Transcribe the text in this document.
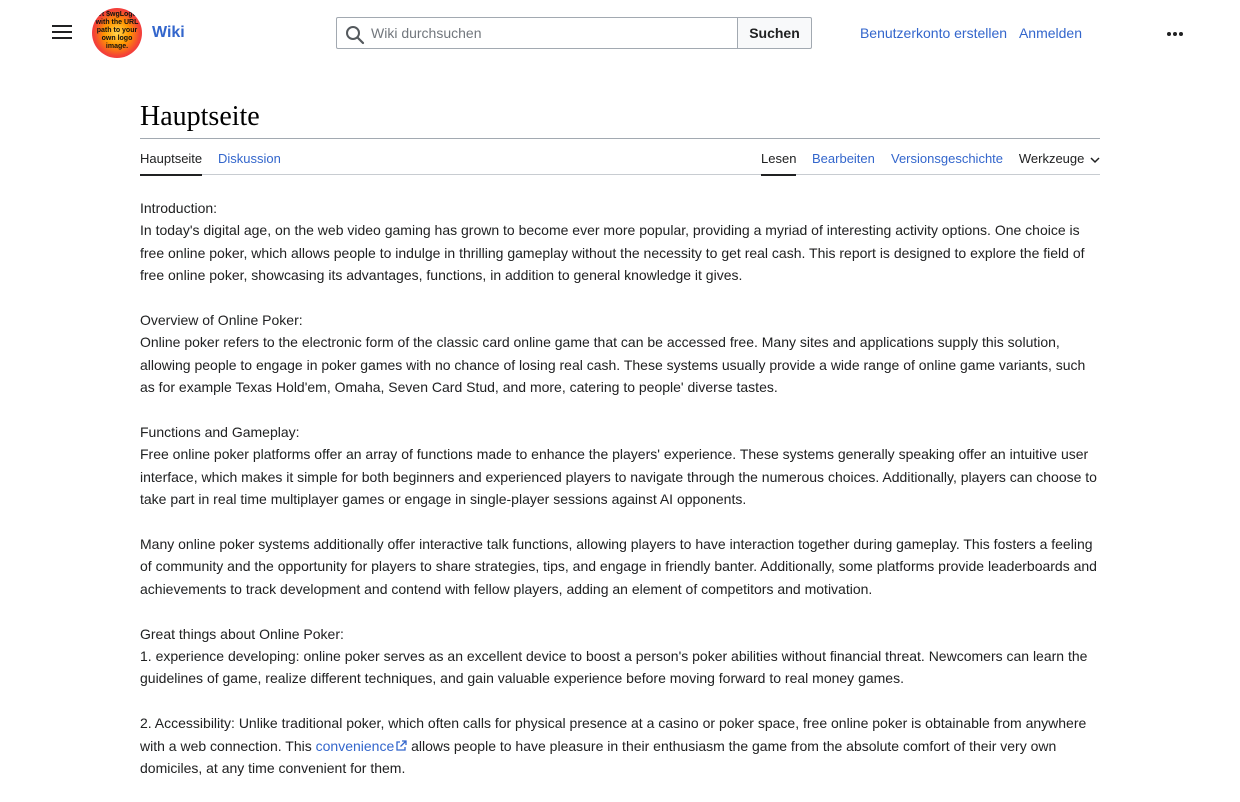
Set $wgLogos with the URL path to your own logo image.
Wiki
Wiki durchsuchen	Suchen	Benutzerkonto erstellen Anmelden
Hauptseite
Hauptseite Diskussion	Lesen Bearbeiten Versionsgeschichte Werkzeuge

Introduction:
In today's digital age, on the web video gaming has grown to become ever more popular, providing a myriad of interesting activity options. One choice is free online poker, which allows people to indulge in thrilling gameplay without the necessity to get real cash. This report is designed to explore the field of free online poker, showcasing its advantages, functions, in addition to general knowledge it gives.

Overview of Online Poker:
Online poker refers to the electronic form of the classic card online game that can be accessed free. Many sites and applications supply this solution, allowing people to engage in poker games with no chance of losing real cash. These systems usually provide a wide range of online game variants, such as for example Texas Hold'em, Omaha, Seven Card Stud, and more, catering to people' diverse tastes.

Functions and Gameplay:
Free online poker platforms offer an array of functions made to enhance the players' experience. These systems generally speaking offer an intuitive user interface, which makes it simple for both beginners and experienced players to navigate through the numerous choices. Additionally, players can choose to take part in real time multiplayer games or engage in single-player sessions against AI opponents.

Many online poker systems additionally offer interactive talk functions, allowing players to have interaction together during gameplay. This fosters a feeling of community and the opportunity for players to share strategies, tips, and engage in friendly banter. Additionally, some platforms provide leaderboards and achievements to track development and contend with fellow players, adding an element of competitors and motivation.

Great things about Online Poker:
1. experience developing: online poker serves as an excellent device to boost a person's poker abilities without financial threat. Newcomers can learn the guidelines of game, realize different techniques, and gain valuable experience before moving forward to real money games.

2. Accessibility: Unlike traditional poker, which often calls for physical presence at a casino or poker space, free online poker is obtainable from anywhere with a web connection. This convenience allows people to have pleasure in their enthusiasm the game from the absolute comfort of their very own domiciles, at any time convenient for them.
